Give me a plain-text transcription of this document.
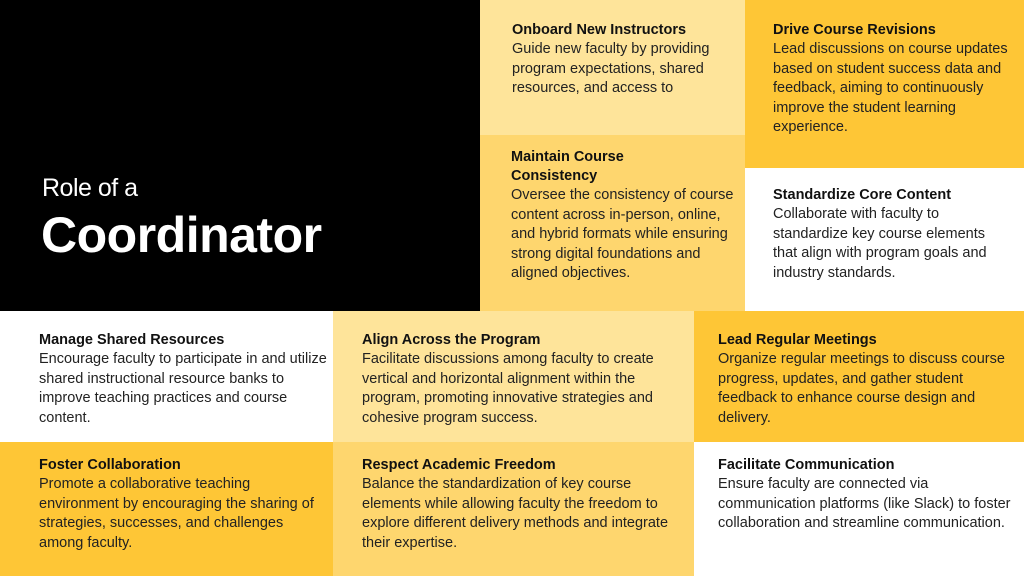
Role of a
Coordinator
Onboard New Instructors

Guide new faculty by providing program expectations, shared resources, and access to

Maintain Course Consistency

Oversee the consistency of course content across in-person, online, and hybrid formats while ensuring strong digital foundations and aligned objectives.

Drive Course Revisions

Lead discussions on course updates based on student success data and feedback, aiming to continuously improve the student learning experience.

Standardize Core Content

Collaborate with faculty to standardize key course elements that align with program goals and industry standards.

Manage Shared Resources

Encourage faculty to participate in and utilize shared instructional resource banks to improve teaching practices and course content.

Align Across the Program

Facilitate discussions among faculty to create vertical and horizontal alignment within the program, promoting innovative strategies and cohesive program success.

Lead Regular Meetings

Organize regular meetings to discuss course progress, updates, and gather student feedback to enhance course design and delivery.

Foster Collaboration

Promote a collaborative teaching environment by encouraging the sharing of strategies, successes, and challenges among faculty.

Respect Academic Freedom

Balance the standardization of key course elements while allowing faculty the freedom to explore different delivery methods and integrate their expertise.

Facilitate Communication

Ensure faculty are connected via communication platforms (like Slack) to foster collaboration and streamline communication.
